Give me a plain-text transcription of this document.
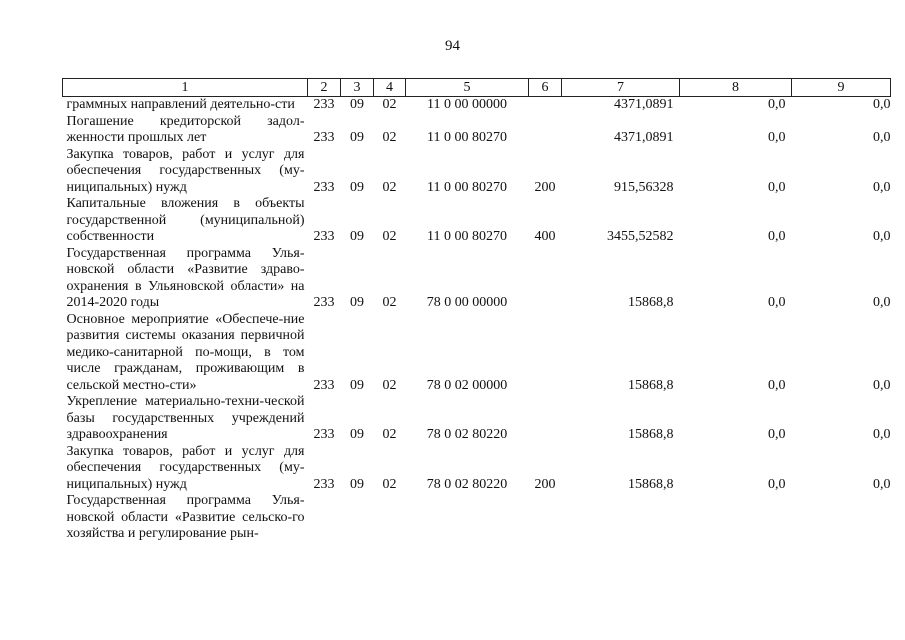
94
1	2	3	4	5	6	7	8	9
граммных направлений деятельно-сти	233	09	02	11 0 00 00000		4371,0891	0,0	0,0
Погашение кредиторской задол-женности прошлых лет	233	09	02	11 0 00 80270		4371,0891	0,0	0,0
Закупка товаров, работ и услуг для обеспечения государственных (му-ниципальных) нужд	233	09	02	11 0 00 80270	200	915,56328	0,0	0,0
Капитальные вложения в объекты государственной (муниципальной) собственности	233	09	02	11 0 00 80270	400	3455,52582	0,0	0,0
Государственная программа Улья-новской области «Развитие здраво-охранения в Ульяновской области» на 2014-2020 годы	233	09	02	78 0 00 00000		15868,8	0,0	0,0
Основное мероприятие «Обеспече-ние развития системы оказания первичной медико-санитарной по-мощи, в том числе гражданам, проживающим в сельской местно-сти»	233	09	02	78 0 02 00000		15868,8	0,0	0,0
Укрепление материально-техни-ческой базы государственных учреждений здравоохранения	233	09	02	78 0 02 80220		15868,8	0,0	0,0
Закупка товаров, работ и услуг для обеспечения государственных (му-ниципальных) нужд	233	09	02	78 0 02 80220	200	15868,8	0,0	0,0
Государственная программа Улья-новской области «Развитие сельско-го хозяйства и регулирование рын-								
